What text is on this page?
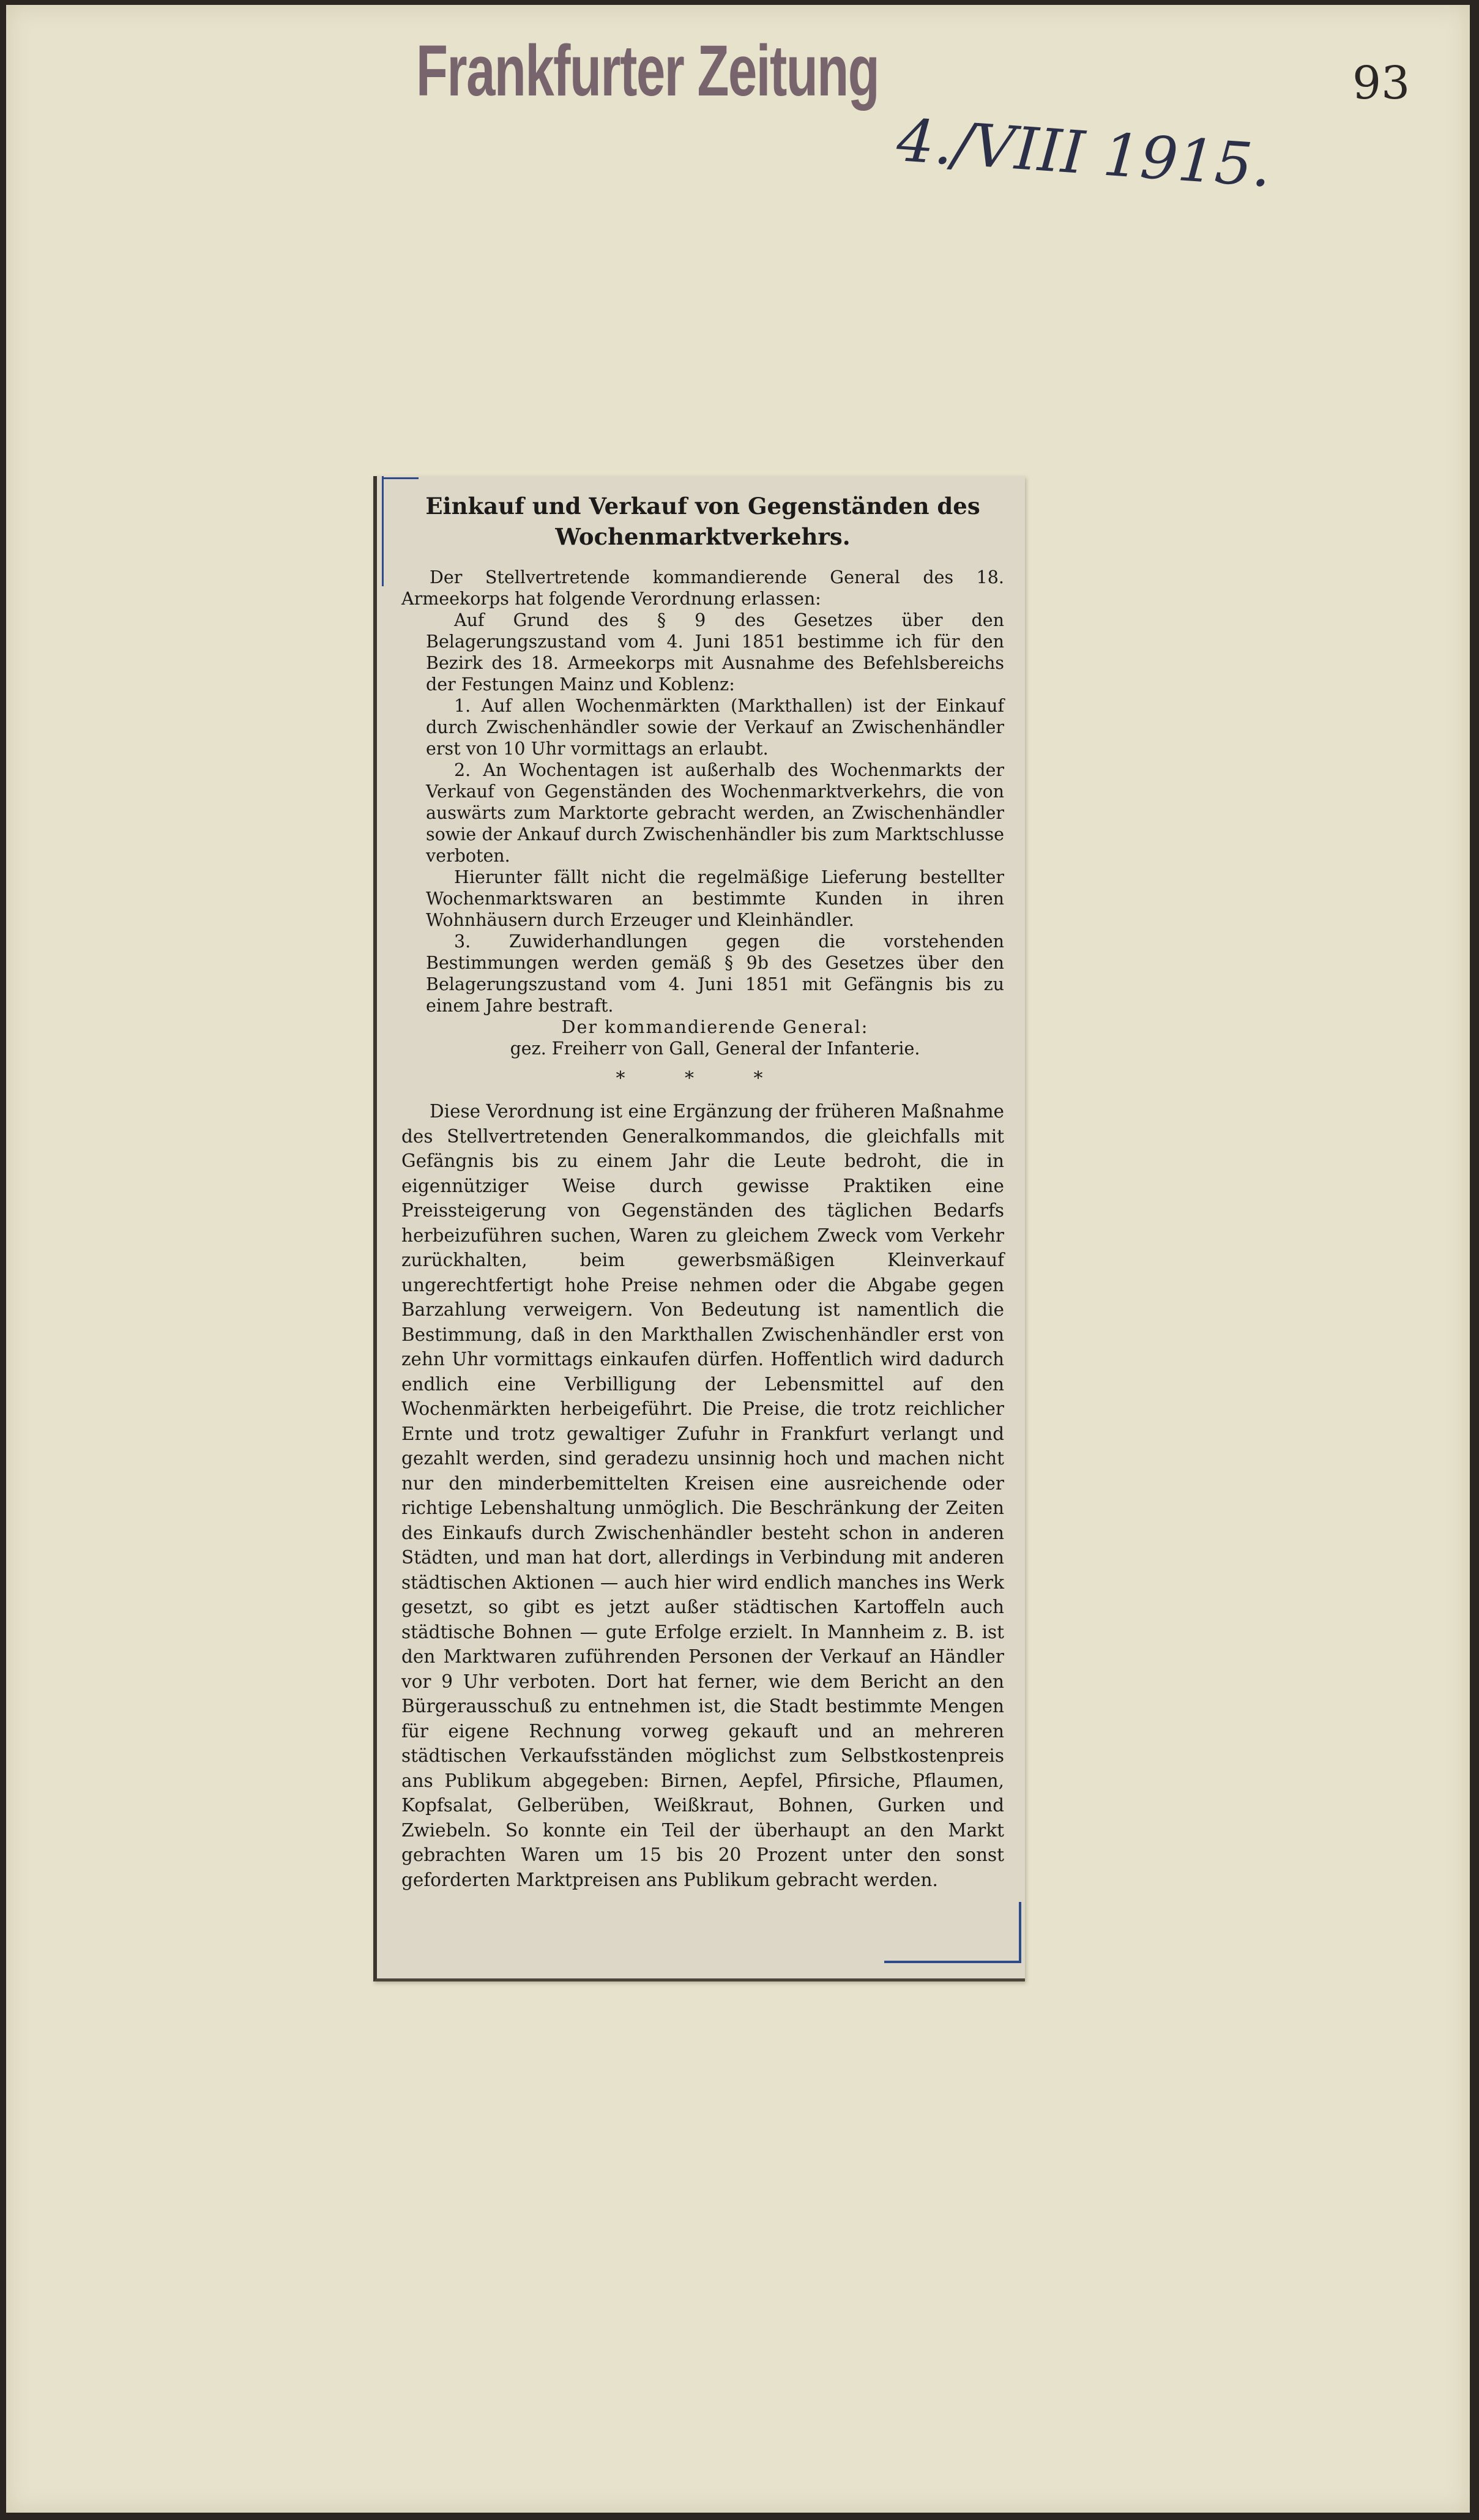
Frankfurter Zeitung
4./VIII 1915.
93
Einkauf und Verkauf von Gegenständen des
Wochenmarktverkehrs.

Der Stellvertretende kommandierende General des 18. Armeekorps hat folgende Verordnung erlassen:

Auf Grund des § 9 des Gesetzes über den Belagerungszustand vom 4. Juni 1851 bestimme ich für den Bezirk des 18. Armeekorps mit Ausnahme des Befehlsbereichs der Festungen Mainz und Koblenz:

1. Auf allen Wochenmärkten (Markthallen) ist der Einkauf durch Zwischenhändler sowie der Verkauf an Zwischenhändler erst von 10 Uhr vormittags an erlaubt.

2. An Wochentagen ist außerhalb des Wochenmarkts der Verkauf von Gegenständen des Wochenmarktverkehrs, die von auswärts zum Marktorte gebracht werden, an Zwischenhändler sowie der Ankauf durch Zwischenhändler bis zum Marktschlusse verboten.

Hierunter fällt nicht die regelmäßige Lieferung bestellter Wochenmarktswaren an bestimmte Kunden in ihren Wohnhäusern durch Erzeuger und Kleinhändler.

3. Zuwiderhandlungen gegen die vorstehenden Bestimmungen werden gemäß § 9b des Gesetzes über den Belagerungszustand vom 4. Juni 1851 mit Gefängnis bis zu einem Jahre bestraft.

Der kommandierende General:

gez. Freiherr von Gall, General der Infanterie.

* * *

Diese Verordnung ist eine Ergänzung der früheren Maßnahme des Stellvertretenden Generalkommandos, die gleichfalls mit Gefängnis bis zu einem Jahr die Leute bedroht, die in eigennütziger Weise durch gewisse Praktiken eine Preissteigerung von Gegenständen des täglichen Bedarfs herbeizuführen suchen, Waren zu gleichem Zweck vom Verkehr zurückhalten, beim gewerbsmäßigen Kleinverkauf ungerechtfertigt hohe Preise nehmen oder die Abgabe gegen Barzahlung verweigern. Von Bedeutung ist namentlich die Bestimmung, daß in den Markthallen Zwischenhändler erst von zehn Uhr vormittags einkaufen dürfen. Hoffentlich wird dadurch endlich eine Verbilligung der Lebensmittel auf den Wochenmärkten herbeigeführt. Die Preise, die trotz reichlicher Ernte und trotz gewaltiger Zufuhr in Frankfurt verlangt und gezahlt werden, sind geradezu unsinnig hoch und machen nicht nur den minderbemittelten Kreisen eine ausreichende oder richtige Lebenshaltung unmöglich. Die Beschränkung der Zeiten des Einkaufs durch Zwischenhändler besteht schon in anderen Städten, und man hat dort, allerdings in Verbindung mit anderen städtischen Aktionen — auch hier wird endlich manches ins Werk gesetzt, so gibt es jetzt außer städtischen Kartoffeln auch städtische Bohnen — gute Erfolge erzielt. In Mannheim z. B. ist den Marktwaren zuführenden Personen der Verkauf an Händler vor 9 Uhr verboten. Dort hat ferner, wie dem Bericht an den Bürgerausschuß zu entnehmen ist, die Stadt bestimmte Mengen für eigene Rechnung vorweg gekauft und an mehreren städtischen Verkaufsständen möglichst zum Selbstkostenpreis ans Publikum abgegeben: Birnen, Aepfel, Pfirsiche, Pflaumen, Kopfsalat, Gelberüben, Weißkraut, Bohnen, Gurken und Zwiebeln. So konnte ein Teil der überhaupt an den Markt gebrachten Waren um 15 bis 20 Prozent unter den sonst geforderten Marktpreisen ans Publikum gebracht werden.
